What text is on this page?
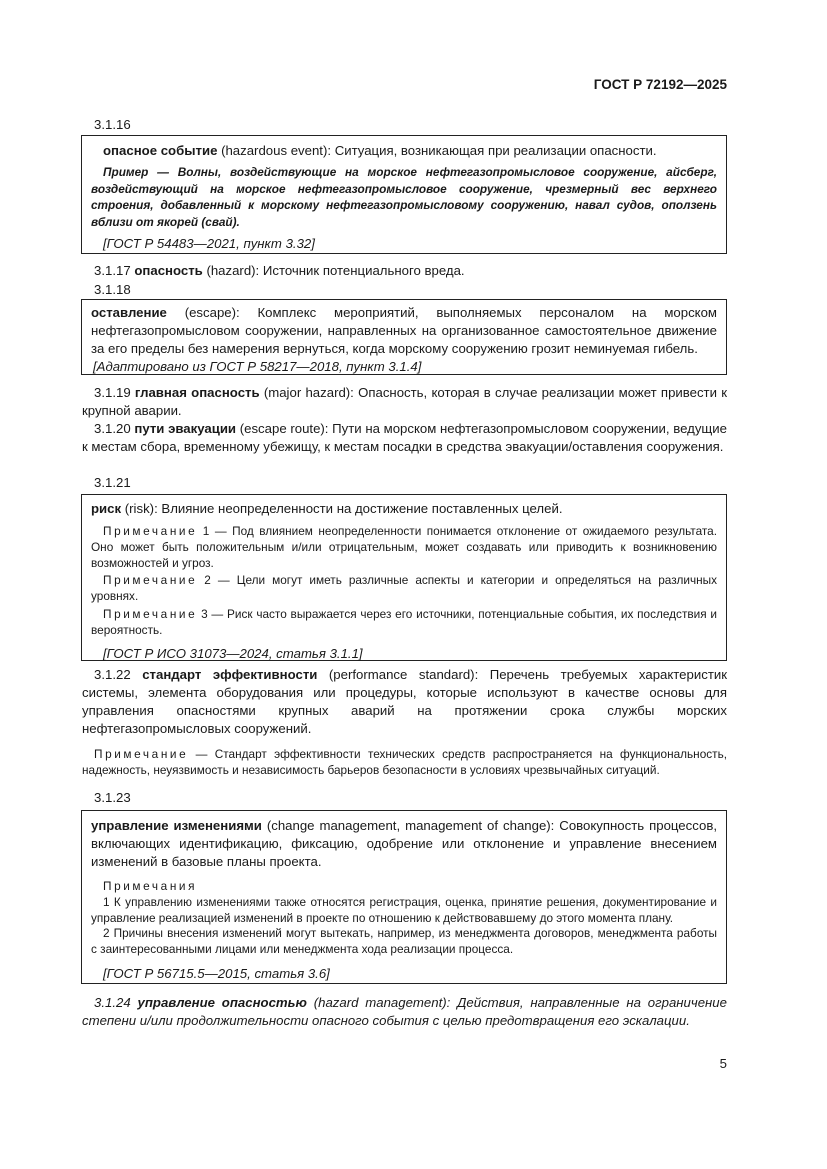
ГОСТ Р 72192—2025
3.1.16

опасное событие (hazardous event): Ситуация, возникающая при реализации опасности.

Пример — Волны, воздействующие на морское нефтегазопромысловое сооружение, айсберг, воздействующий на морское нефтегазопромысловое сооружение, чрезмерный вес верхнего строения, добавленный к морскому нефтегазопромысловому сооружению, навал судов, оползень вблизи от якорей (свай).

[ГОСТ Р 54483—2021, пункт 3.32]

3.1.17 опасность (hazard): Источник потенциального вреда.
3.1.18

оставление (escape): Комплекс мероприятий, выполняемых персоналом на морском нефтегазопромысловом сооружении, направленных на организованное самостоятельное движение за его пределы без намерения вернуться, когда морскому сооружению грозит неминуемая гибель.

[Адаптировано из ГОСТ Р 58217—2018, пункт 3.1.4]

3.1.19 главная опасность (major hazard): Опасность, которая в случае реализации может привести к крупной аварии.
3.1.20 пути эвакуации (escape route): Пути на морском нефтегазопромысловом сооружении, ведущие к местам сбора, временному убежищу, к местам посадки в средства эвакуации/оставления сооружения.
3.1.21

риск (risk): Влияние неопределенности на достижение поставленных целей.

Примечание 1 — Под влиянием неопределенности понимается отклонение от ожидаемого результата. Оно может быть положительным и/или отрицательным, может создавать или приводить к возникновению возможностей и угроз.

Примечание 2 — Цели могут иметь различные аспекты и категории и определяться на различных уровнях.

Примечание 3 — Риск часто выражается через его источники, потенциальные события, их последствия и вероятность.

[ГОСТ Р ИСО 31073—2024, статья 3.1.1]

3.1.22 стандарт эффективности (performance standard): Перечень требуемых характеристик системы, элемента оборудования или процедуры, которые используют в качестве основы для управления опасностями крупных аварий на протяжении срока службы морских нефтегазопромысловых сооружений.
Примечание — Стандарт эффективности технических средств распространяется на функциональность, надежность, неуязвимость и независимость барьеров безопасности в условиях чрезвычайных ситуаций.
3.1.23

управление изменениями (change management, management of change): Совокупность процессов, включающих идентификацию, фиксацию, одобрение или отклонение и управление внесением изменений в базовые планы проекта.

Примечания

1 К управлению изменениями также относятся регистрация, оценка, принятие решения, документирование и управление реализацией изменений в проекте по отношению к действовавшему до этого момента плану.

2 Причины внесения изменений могут вытекать, например, из менеджмента договоров, менеджмента работы с заинтересованными лицами или менеджмента хода реализации процесса.

[ГОСТ Р 56715.5—2015, статья 3.6]

3.1.24 управление опасностью (hazard management): Действия, направленные на ограничение степени и/или продолжительности опасного события с целью предотвращения его эскалации.
5
